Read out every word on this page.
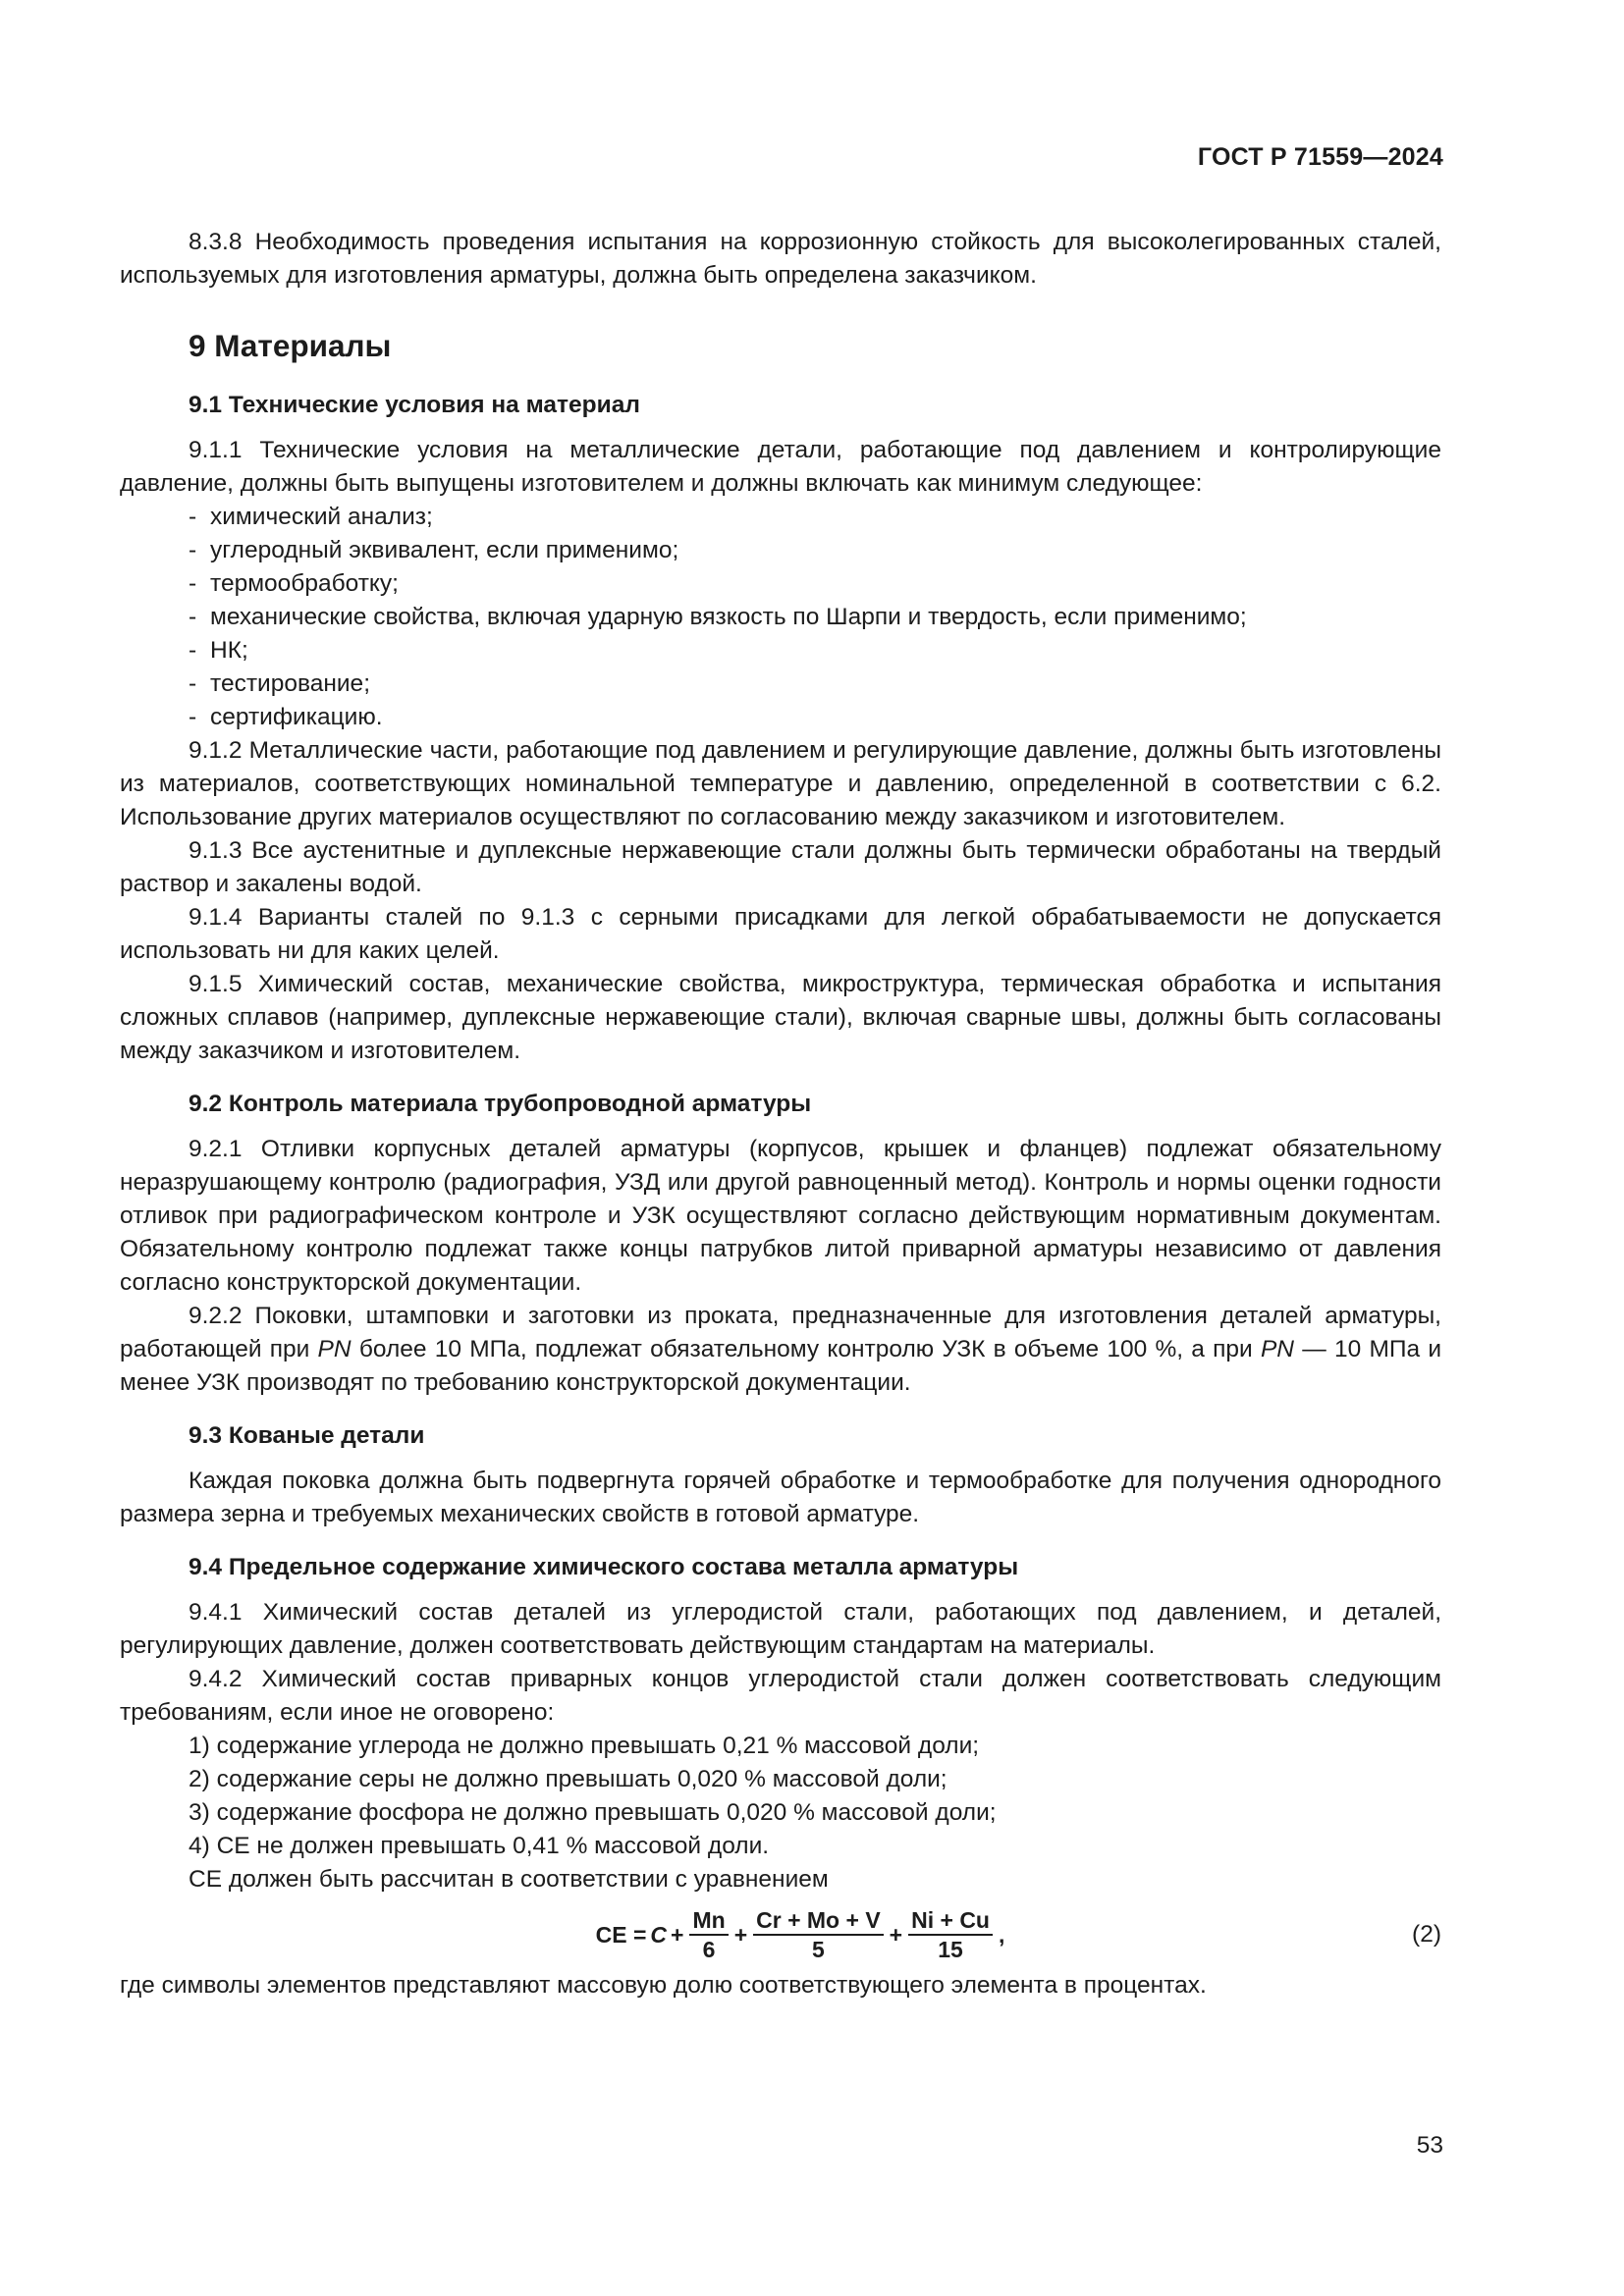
ГОСТ Р 71559—2024

8.3.8 Необходимость проведения испытания на коррозионную стойкость для высоколегированных сталей, используемых для изготовления арматуры, должна быть определена заказчиком.

9 Материалы
9.1 Технические условия на материал

9.1.1 Технические условия на металлические детали, работающие под давлением и контролирующие давление, должны быть выпущены изготовителем и должны включать как минимум следующее:

- химический анализ;
- углеродный эквивалент, если применимо;
- термообработку;
- механические свойства, включая ударную вязкость по Шарпи и твердость, если применимо;
- НК;
- тестирование;
- сертификацию.

9.1.2 Металлические части, работающие под давлением и регулирующие давление, должны быть изготовлены из материалов, соответствующих номинальной температуре и давлению, определенной в соответствии с 6.2. Использование других материалов осуществляют по согласованию между заказчиком и изготовителем.

9.1.3 Все аустенитные и дуплексные нержавеющие стали должны быть термически обработаны на твердый раствор и закалены водой.

9.1.4 Варианты сталей по 9.1.3 с серными присадками для легкой обрабатываемости не допускается использовать ни для каких целей.

9.1.5 Химический состав, механические свойства, микроструктура, термическая обработка и испытания сложных сплавов (например, дуплексные нержавеющие стали), включая сварные швы, должны быть согласованы между заказчиком и изготовителем.

9.2 Контроль материала трубопроводной арматуры

9.2.1 Отливки корпусных деталей арматуры (корпусов, крышек и фланцев) подлежат обязательному неразрушающему контролю (радиография, УЗД или другой равноценный метод). Контроль и нормы оценки годности отливок при радиографическом контроле и УЗК осуществляют согласно действующим нормативным документам. Обязательному контролю подлежат также концы патрубков литой приварной арматуры независимо от давления согласно конструкторской документации.

9.2.2 Поковки, штамповки и заготовки из проката, предназначенные для изготовления деталей арматуры, работающей при PN более 10 МПа, подлежат обязательному контролю УЗК в объеме 100 %, а при PN — 10 МПа и менее УЗК производят по требованию конструкторской документации.

9.3 Кованые детали

Каждая поковка должна быть подвергнута горячей обработке и термообработке для получения однородного размера зерна и требуемых механических свойств в готовой арматуре.

9.4 Предельное содержание химического состава металла арматуры

9.4.1 Химический состав деталей из углеродистой стали, работающих под давлением, и деталей, регулирующих давление, должен соответствовать действующим стандартам на материалы.

9.4.2 Химический состав приварных концов углеродистой стали должен соответствовать следующим требованиям, если иное не оговорено:

1) содержание углерода не должно превышать 0,21 % массовой доли;
2) содержание серы не должно превышать 0,020 % массовой доли;
3) содержание фосфора не должно превышать 0,020 % массовой доли;
4) CE не должен превышать 0,41 % массовой доли.

CE должен быть рассчитан в соответствии с уравнением

CE = $C + \frac{Mn}{6} + \frac{Cr + Mo + V}{5} + \frac{Ni + Cu}{15}$ ,	(2)

где символы элементов представляют массовую долю соответствующего элемента в процентах.

53
